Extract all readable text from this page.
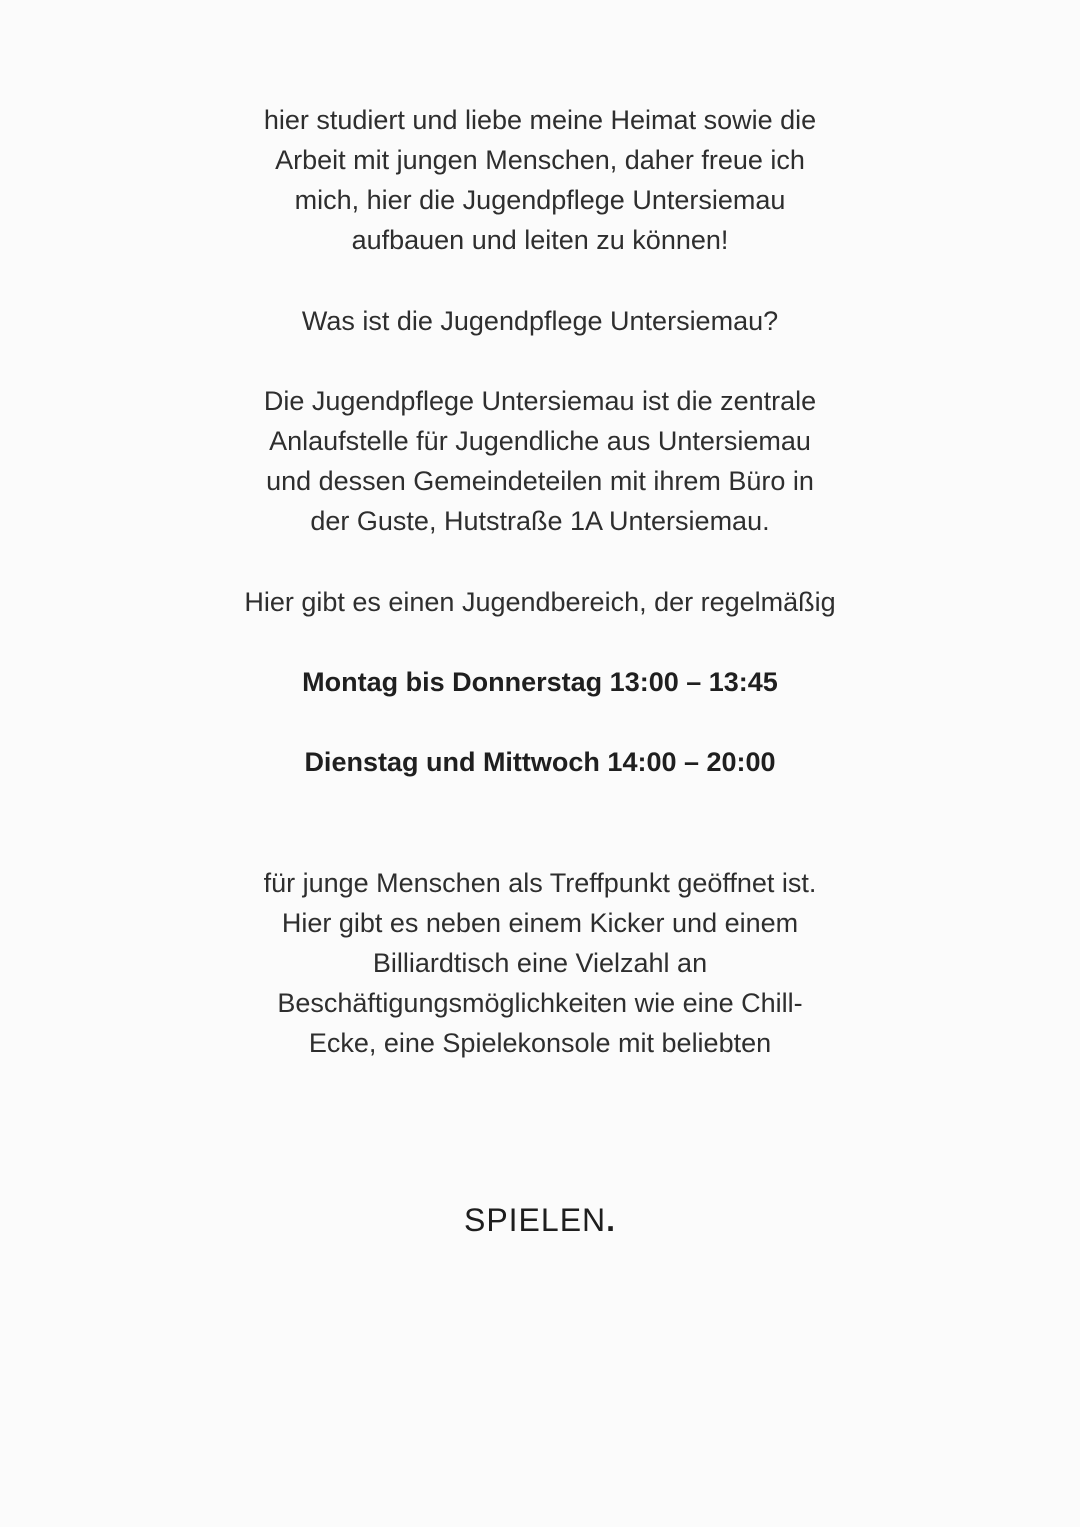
hier studiert und liebe meine Heimat sowie die
Arbeit mit jungen Menschen, daher freue ich
mich, hier die Jugendpflege Untersiemau
aufbauen und leiten zu können!

Was ist die Jugendpflege Untersiemau?

Die Jugendpflege Untersiemau ist die zentrale
Anlaufstelle für Jugendliche aus Untersiemau
und dessen Gemeindeteilen mit ihrem Büro in
der Guste, Hutstraße 1A Untersiemau.

Hier gibt es einen Jugendbereich, der regelmäßig

Montag bis Donnerstag 13:00 – 13:45

Dienstag und Mittwoch 14:00 – 20:00

für junge Menschen als Treffpunkt geöffnet ist.
Hier gibt es neben einem Kicker und einem
Billiardtisch eine Vielzahl an
Beschäftigungsmöglichkeiten wie eine Chill-
Ecke, eine Spielekonsole mit beliebten

SPIELEN.
